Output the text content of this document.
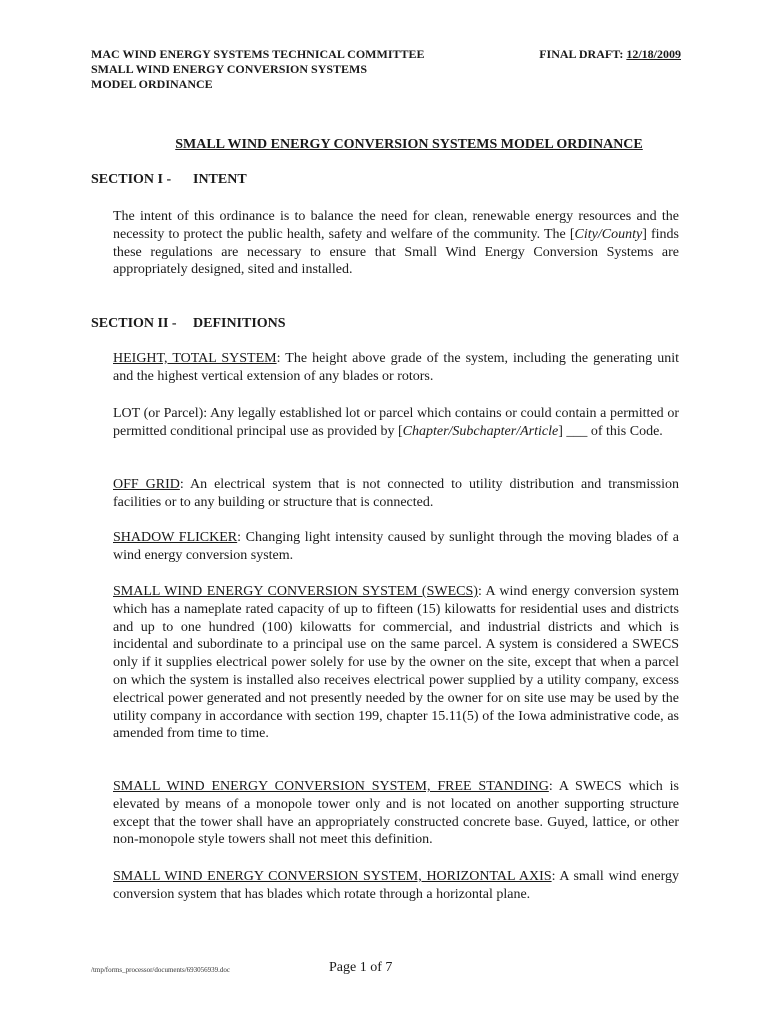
MAC WIND ENERGY SYSTEMS TECHNICAL COMMITTEE
SMALL WIND ENERGY CONVERSION SYSTEMS
MODEL ORDINANCE
FINAL DRAFT: 12/18/2009
SMALL WIND ENERGY CONVERSION SYSTEMS MODEL ORDINANCE
SECTION I - INTENT
The intent of this ordinance is to balance the need for clean, renewable energy resources and the necessity to protect the public health, safety and welfare of the community. The [City/County] finds these regulations are necessary to ensure that Small Wind Energy Conversion Systems are appropriately designed, sited and installed.
SECTION II - DEFINITIONS
HEIGHT, TOTAL SYSTEM: The height above grade of the system, including the generating unit and the highest vertical extension of any blades or rotors.
LOT (or Parcel): Any legally established lot or parcel which contains or could contain a permitted or permitted conditional principal use as provided by [Chapter/Subchapter/Article] ___ of this Code.
OFF GRID: An electrical system that is not connected to utility distribution and transmission facilities or to any building or structure that is connected.
SHADOW FLICKER: Changing light intensity caused by sunlight through the moving blades of a wind energy conversion system.
SMALL WIND ENERGY CONVERSION SYSTEM (SWECS): A wind energy conversion system which has a nameplate rated capacity of up to fifteen (15) kilowatts for residential uses and districts and up to one hundred (100) kilowatts for commercial, and industrial districts and which is incidental and subordinate to a principal use on the same parcel. A system is considered a SWECS only if it supplies electrical power solely for use by the owner on the site, except that when a parcel on which the system is installed also receives electrical power supplied by a utility company, excess electrical power generated and not presently needed by the owner for on site use may be used by the utility company in accordance with section 199, chapter 15.11(5) of the Iowa administrative code, as amended from time to time.
SMALL WIND ENERGY CONVERSION SYSTEM, FREE STANDING: A SWECS which is elevated by means of a monopole tower only and is not located on another supporting structure except that the tower shall have an appropriately constructed concrete base. Guyed, lattice, or other non-monopole style towers shall not meet this definition.
SMALL WIND ENERGY CONVERSION SYSTEM, HORIZONTAL AXIS: A small wind energy conversion system that has blades which rotate through a horizontal plane.
/tmp/forms_processor/documents/693056939.doc	Page 1 of 7
